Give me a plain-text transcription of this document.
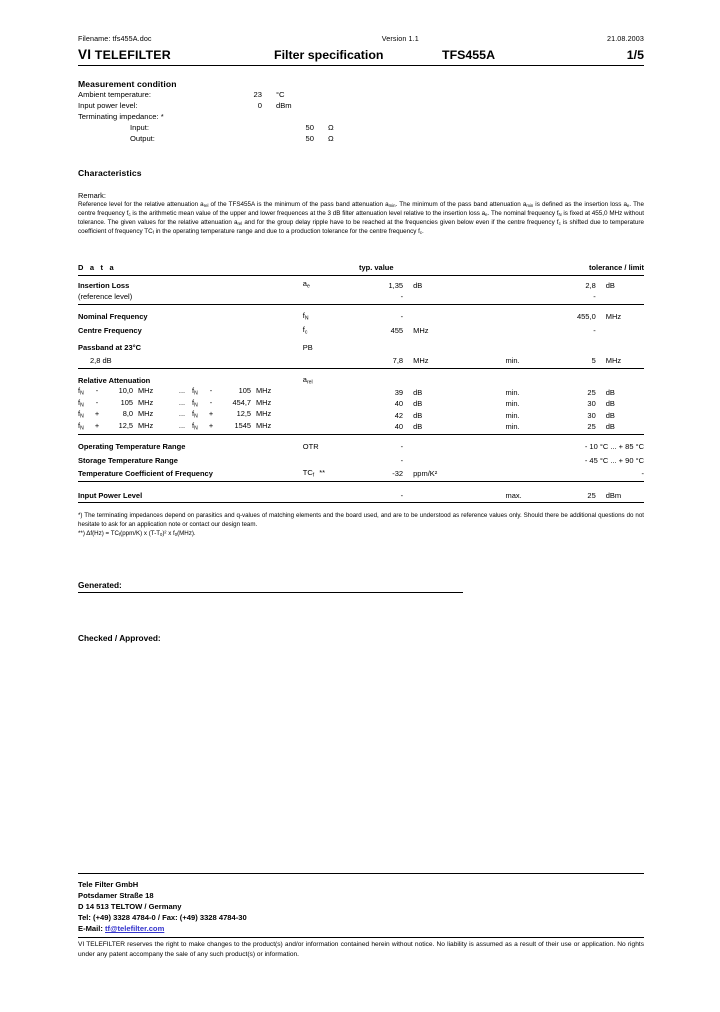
Filename: tfs455A.doc	Version 1.1	21.08.2003
VI TELEFILTER	Filter specification	TFS455A	1/5
Measurement condition
Ambient temperature:	23	°C
Input power level:	0	dBm
Terminating impedance: *
Input:	50	Ω
Output:	50	Ω
Characteristics
Remark:
Reference level for the relative attenuation $a_{rel}$ of the TFS455A is the minimum of the pass band attenuation $a_{min}$. The minimum of the pass band attenuation $a_{min}$ is defined as the insertion loss $a_e$. The centre frequency $f_c$ is the arithmetic mean value of the upper and lower frequences at the 3 dB filter attenuation level relative to the insertion loss $a_e$. The nominal frequency $f_N$ is fixed at 455,0 MHz without tolerance. The given values for the relative attenuation $a_{rel}$ and for the group delay ripple have to be reached at the frequencies given below even if the centre frequency $f_c$ is shifted due to temperature coefficient of frequency $TC_f$ in the operating temperature range and due to a production tolerance for the centre frequency $f_c$.
D a t a		typ. value				tolerance / limit	
Insertion Loss	$a_e$	1,35	dB			2,8	dB
(reference level)		-				-	
Nominal Frequency	$f_N$	-				455,0	MHz
Centre Frequency	$f_c$	455	MHz			-	
Passband at 23°C	PB						
2,8 dB		7,8	MHz		min.	5	MHz
Relative Attenuation	$a_{rel}$						
$f_N - 10,0$ MHz ... $f_N - 105$ MHz		39	dB		min.	25	dB
$f_N - 105$ MHz ... $f_N - 454,7$ MHz		40	dB		min.	30	dB
$f_N + 8,0$ MHz ... $f_N + 12,5$ MHz		42	dB		min.	30	dB
$f_N + 12,5$ MHz ... $f_N + 1545$ MHz		40	dB		min.	25	dB
Operating Temperature Range	OTR	-			- 10 °C ... + 85 °C		
Storage Temperature Range		-			- 45 °C ... + 90 °C		
Temperature Coefficient of Frequency	$TC_f$ **	-32	ppm/K²		-		
Input Power Level		-			max.	25	dBm
*) The terminating impedances depend on parasitics and q-values of matching elements and the board used, and are to be understood as reference values only. Should there be additional questions do not hesitate to ask for an application note or contact our design team.
**) $\Delta f(Hz) = TC_f(ppm/K)$ x $(T-T_0)^2$ x $f_0(MHz)$.
Generated:
Checked / Approved:
Tele Filter GmbH
Potsdamer Straße 18
D 14 513 TELTOW / Germany
Tel: (+49) 3328 4784-0 / Fax: (+49) 3328 4784-30
E-Mail: tf@telefilter.com
VI TELEFILTER reserves the right to make changes to the product(s) and/or information contained herein without notice. No liability is assumed as a result of their use or application. No rights under any patent accompany the sale of any such product(s) or information.
